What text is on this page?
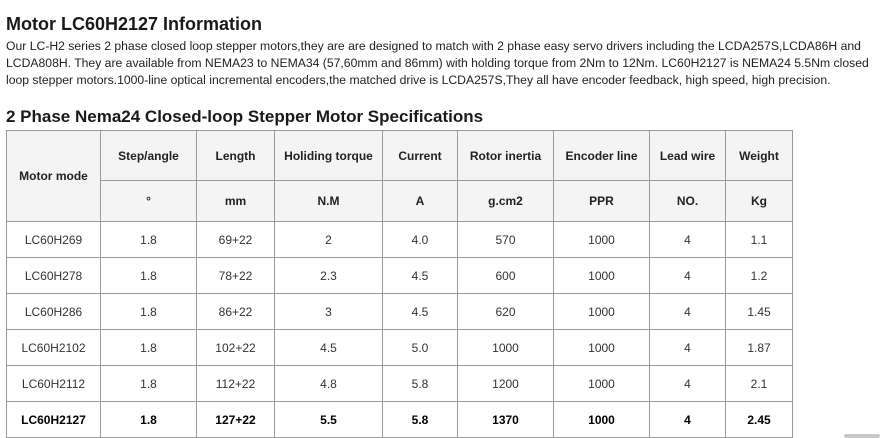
Motor LC60H2127 Information

Our LC-H2 series 2 phase closed loop stepper motors,they are are designed to match with 2 phase easy servo drivers including the LCDA257S,LCDA86H and LCDA808H. They are available from NEMA23 to NEMA34 (57,60mm and 86mm) with holding torque from 2Nm to 12Nm. LC60H2127 is NEMA24 5.5Nm closed loop stepper motors.1000-line optical incremental encoders,the matched drive is LCDA257S,They all have encoder feedback, high speed, high precision.

2 Phase Nema24 Closed-loop Stepper Motor Specifications
Motor mode	Step/angle	Length	Holiding torque	Current	Rotor inertia	Encoder line	Lead wire	Weight
	°	mm	N.M	A	g.cm2	PPR	NO.	Kg
LC60H269	1.8	69+22	2	4.0	570	1000	4	1.1
LC60H278	1.8	78+22	2.3	4.5	600	1000	4	1.2
LC60H286	1.8	86+22	3	4.5	620	1000	4	1.45
LC60H2102	1.8	102+22	4.5	5.0	1000	1000	4	1.87
LC60H2112	1.8	112+22	4.8	5.8	1200	1000	4	2.1
LC60H2127	1.8	127+22	5.5	5.8	1370	1000	4	2.45
